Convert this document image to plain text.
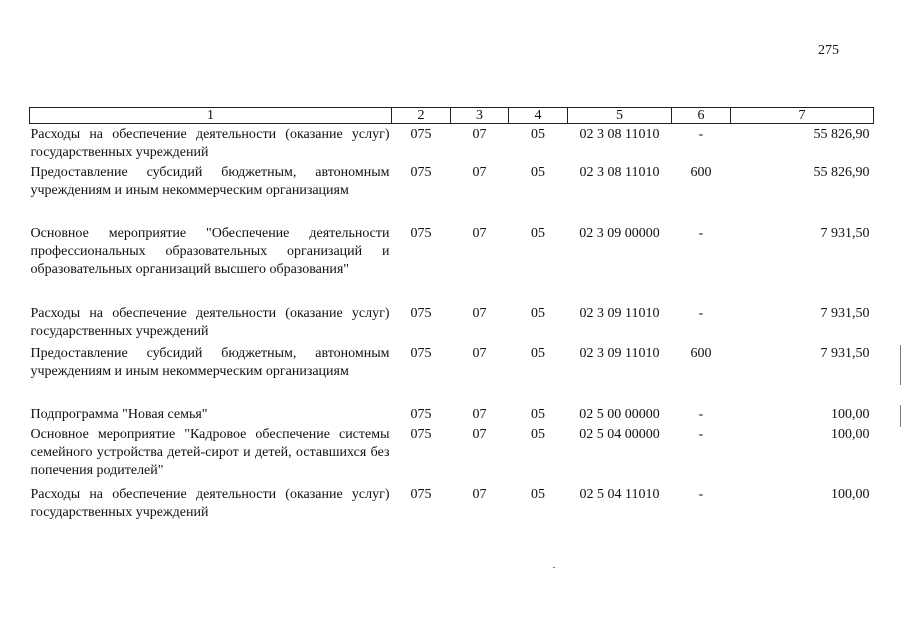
275
1	2	3	4	5	6	7
Расходы на обеспечение деятельности (оказание услуг) государственных учреждений	075	07	05	02 3 08 11010	-	55 826,90
Предоставление субсидий бюджетным, автономным учреждениям и иным некоммерческим организациям	075	07	05	02 3 08 11010	600	55 826,90
Основное мероприятие "Обеспечение деятельности профессиональных образовательных организаций и образовательных организаций высшего образования"	075	07	05	02 3 09 00000	-	7 931,50
Расходы на обеспечение деятельности (оказание услуг) государственных учреждений	075	07	05	02 3 09 11010	-	7 931,50
Предоставление субсидий бюджетным, автономным учреждениям и иным некоммерческим организациям	075	07	05	02 3 09 11010	600	7 931,50
Подпрограмма "Новая семья"	075	07	05	02 5 00 00000	-	100,00
Основное мероприятие "Кадровое обеспечение системы семейного устройства детей-сирот и детей, оставшихся без попечения родителей"	075	07	05	02 5 04 00000	-	100,00
Расходы на обеспечение деятельности (оказание услуг) государственных учреждений	075	07	05	02 5 04 11010	-	100,00
